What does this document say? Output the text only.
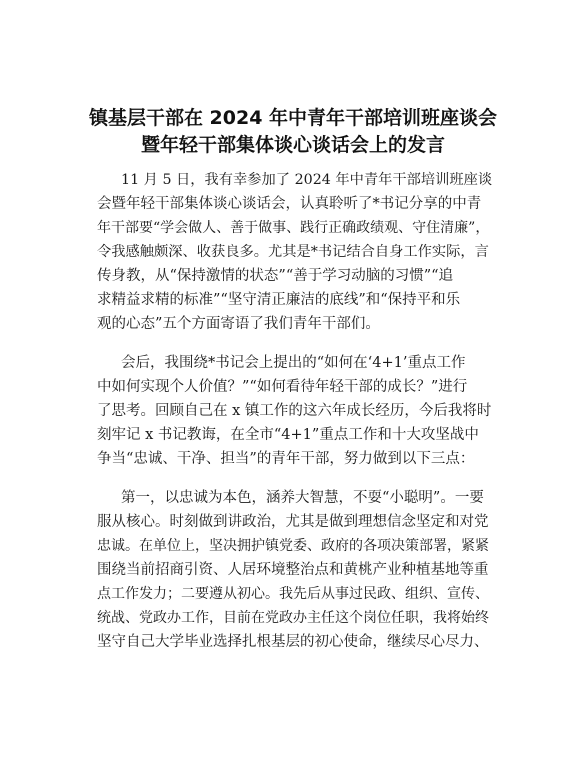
镇基层干部在 2024 年中青年干部培训班座谈会
暨年轻干部集体谈心谈话会上的发言

11 月 5 日，我有幸参加了 2024 年中青年干部培训班座谈

会暨年轻干部集体谈心谈话会，认真聆听了*书记分享的中青

年干部要“学会做人、善于做事、践行正确政绩观、守住清廉”，

令我感触颇深、收获良多。尤其是*书记结合自身工作实际，言

传身教，从“保持激情的状态”“善于学习动脑的习惯”“追

求精益求精的标准”“坚守清正廉洁的底线”和“保持平和乐

观的心态”五个方面寄语了我们青年干部们。

会后，我围绕*书记会上提出的“如何在‘4+1’重点工作

中如何实现个人价值？”“如何看待年轻干部的成长？”进行

了思考。回顾自己在 x 镇工作的这六年成长经历，今后我将时

刻牢记 x 书记教诲，在全市“4+1”重点工作和十大攻坚战中

争当“忠诚、干净、担当”的青年干部，努力做到以下三点：

第一，以忠诚为本色，涵养大智慧，不耍“小聪明”。一要

服从核心。时刻做到讲政治，尤其是做到理想信念坚定和对党

忠诚。在单位上，坚决拥护镇党委、政府的各项决策部署，紧紧

围绕当前招商引资、人居环境整治点和黄桃产业种植基地等重

点工作发力；二要遵从初心。我先后从事过民政、组织、宣传、

统战、党政办工作，目前在党政办主任这个岗位任职，我将始终

坚守自己大学毕业选择扎根基层的初心使命，继续尽心尽力、
